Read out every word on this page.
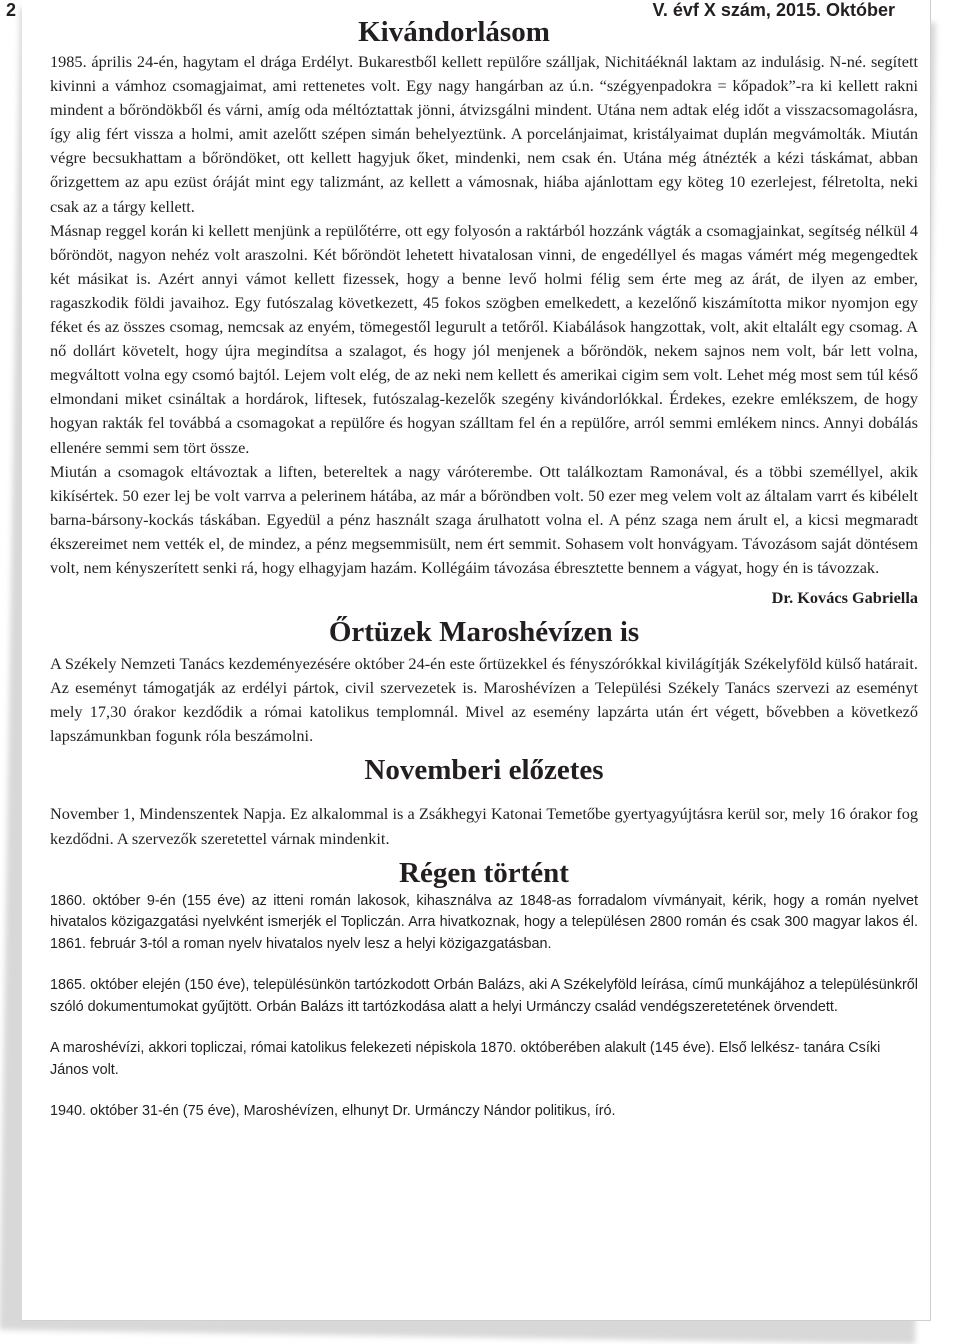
2	V. évf X szám, 2015. Október
Kivándorlásom

1985. április 24-én, hagytam el drága Erdélyt. Bukarestből kellett repülőre szálljak, Nichitáéknál laktam az indulásig. N-né. segített kivinni a vámhoz csomagjaimat, ami rettenetes volt. Egy nagy hangárban az ú.n. “szégyenpadokra = kőpadok”-ra ki kellett rakni mindent a bőröndökből és várni, amíg oda méltóztattak jönni, átvizsgálni mindent. Utána nem adtak elég időt a visszacsomagolásra, így alig fért vissza a holmi, amit azelőtt szépen simán behelyeztünk. A porcelánjaimat, kristályaimat duplán megvámolták. Miután végre becsukhattam a bőröndöket, ott kellett hagyjuk őket, mindenki, nem csak én. Utána még átnézték a kézi táskámat, abban őrizgettem az apu ezüst óráját mint egy talizmánt, az kellett a vámosnak, hiába ajánlottam egy köteg 10 ezerlejest, félretolta, neki csak az a tárgy kellett.

Másnap reggel korán ki kellett menjünk a repülőtérre, ott egy folyosón a raktárból hozzánk vágták a csomagjainkat, segítség nélkül 4 bőröndöt, nagyon nehéz volt araszolni. Két bőröndöt lehetett hivatalosan vinni, de engedéllyel és magas vámért még megengedtek két másikat is. Azért annyi vámot kellett fizessek, hogy a benne levő holmi félig sem érte meg az árát, de ilyen az ember, ragaszkodik földi javaihoz. Egy futószalag következett, 45 fokos szögben emelkedett, a kezelőnő kiszámította mikor nyomjon egy féket és az összes csomag, nemcsak az enyém, tömegestől legurult a tetőről. Kiabálások hangzottak, volt, akit eltalált egy csomag. A nő dollárt követelt, hogy újra megindítsa a szalagot, és hogy jól menjenek a bőröndök, nekem sajnos nem volt, bár lett volna, megváltott volna egy csomó bajtól. Lejem volt elég, de az neki nem kellett és amerikai cigim sem volt. Lehet még most sem túl késő elmondani miket csináltak a hordárok, liftesek, futószalag-kezelők szegény kivándorlókkal. Érdekes, ezekre emlékszem, de hogy hogyan rakták fel továbbá a csomagokat a repülőre és hogyan szálltam fel én a repülőre, arról semmi emlékem nincs. Annyi dobálás ellenére semmi sem tört össze.

Miután a csomagok eltávoztak a liften, betereltek a nagy váróterembe. Ott találkoztam Ramonával, és a többi személlyel, akik kikísértek. 50 ezer lej be volt varrva a pelerinem hátába, az már a bőröndben volt. 50 ezer meg velem volt az általam varrt és kibélelt barna-bársony-kockás táskában. Egyedül a pénz használt szaga árulhatott volna el. A pénz szaga nem árult el, a kicsi megmaradt ékszereimet nem vették el, de mindez, a pénz megsemmisült, nem ért semmit. Sohasem volt honvágyam. Távozásom saját döntésem volt, nem kényszerített senki rá, hogy elhagyjam hazám. Kollégáim távozása ébresztette bennem a vágyat, hogy én is távozzak.

Dr. Kovács Gabriella

Őrtüzek Maroshévízen is

A Székely Nemzeti Tanács kezdeményezésére október 24-én este őrtüzekkel és fényszórókkal kivilágítják Székelyföld külső határait. Az eseményt támogatják az erdélyi pártok, civil szervezetek is. Maroshévízen a Települési Székely Tanács szervezi az eseményt mely 17,30 órakor kezdődik a római katolikus templomnál. Mivel az esemény lapzárta után ért végett, bővebben a következő lapszámunkban fogunk róla beszámolni.

Novemberi előzetes

November 1, Mindenszentek Napja. Ez alkalommal is a Zsákhegyi Katonai Temetőbe gyertyagyújtásra kerül sor, mely 16 órakor fog kezdődni. A szervezők szeretettel várnak mindenkit.

Régen történt

1860. október 9-én (155 éve) az itteni román lakosok, kihasználva az 1848-as forradalom vívmányait, kérik, hogy a román nyelvet hivatalos közigazgatási nyelvként ismerjék el Topliczán. Arra hivatkoznak, hogy a településen 2800 román és csak 300 magyar lakos él. 1861. február 3-tól a roman nyelv hivatalos nyelv lesz a helyi közigazgatásban.

1865. október elején (150 éve), településünkön tartózkodott Orbán Balázs, aki A Székelyföld leírása, című munkájához a településünkről szóló dokumentumokat gyűjtött. Orbán Balázs itt tartózkodása alatt a helyi Urmánczy család vendégszeretetének örvendett.

A maroshévízi, akkori topliczai, római katolikus felekezeti népiskola 1870. októberében alakult (145 éve). Első lelkész- tanára Csíki János volt.

1940. október 31-én (75 éve), Maroshévízen, elhunyt Dr. Urmánczy Nándor politikus, író.
